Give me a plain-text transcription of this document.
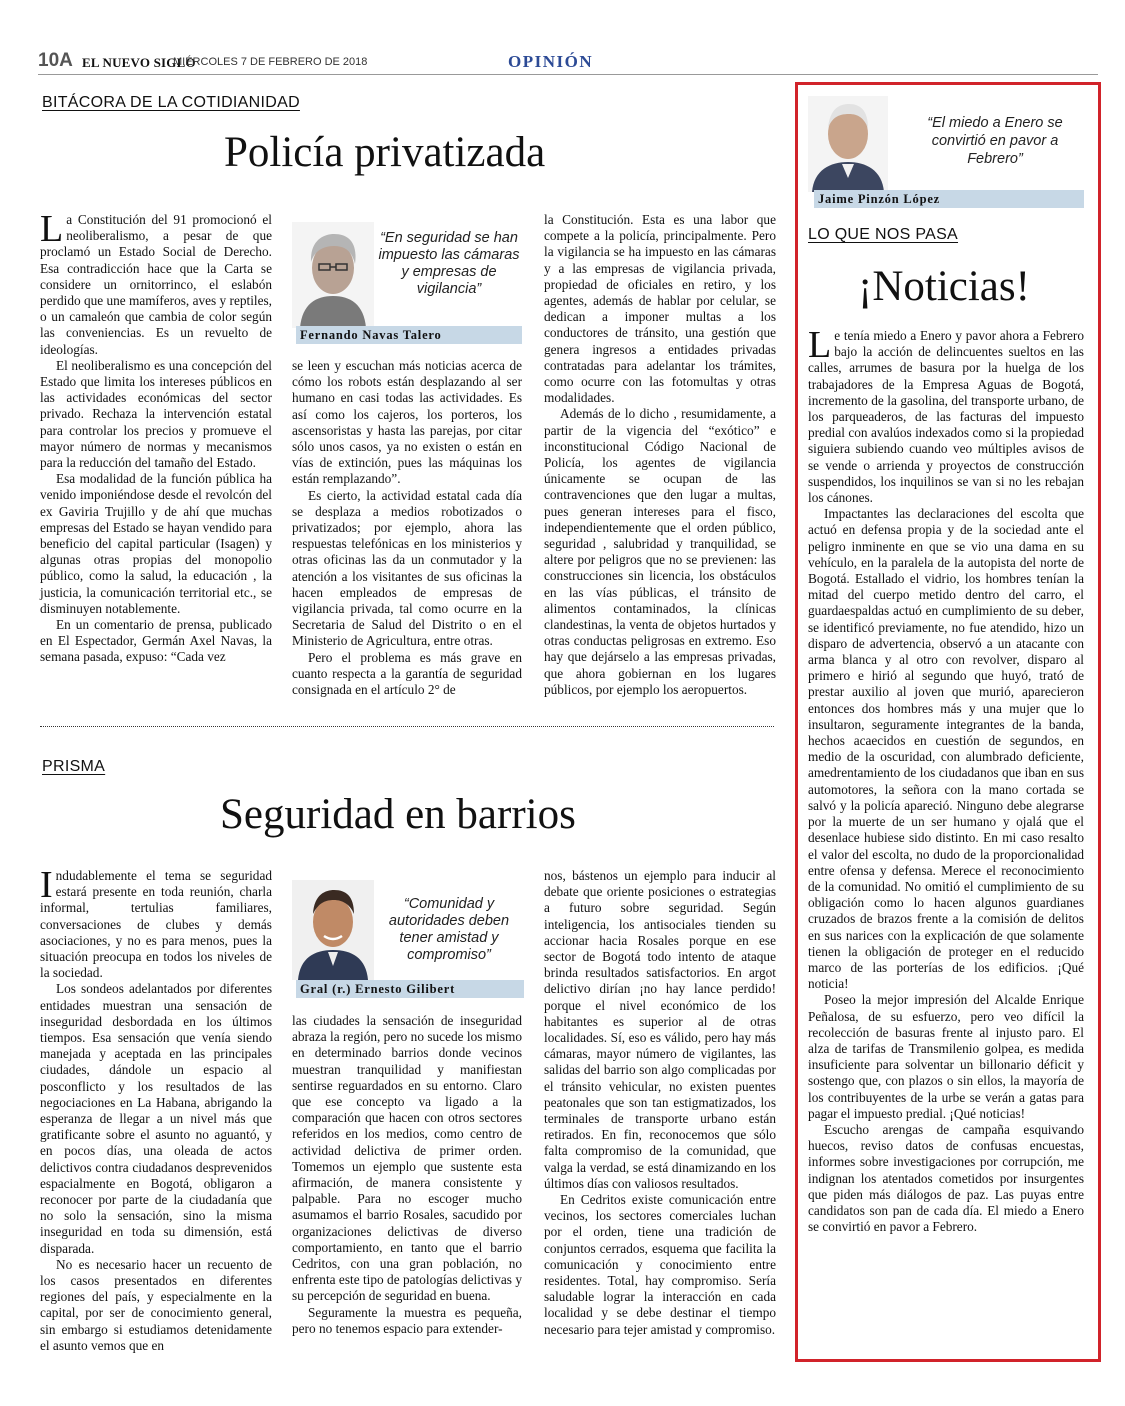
10A EL NUEVO SIGLO
MIÉRCOLES 7 DE FEBRERO DE 2018	OPINIÓN
BITÁCORA DE LA COTIDIANIDAD
Policía privatizada

La Constitución del 91 promocionó el neoliberalismo, a pesar de que proclamó un Estado Social de Derecho. Esa contradicción hace que la Carta se considere un ornitorrinco, el eslabón perdido que une mamíferos, aves y reptiles, o un camaleón que cambia de color según las conveniencias. Es un revuelto de ideologías.

El neoliberalismo es una concepción del Estado que limita los intereses públicos en las actividades económicas del sector privado. Rechaza la intervención estatal para controlar los precios y promueve el mayor número de normas y mecanismos para la reducción del tamaño del Estado.

Esa modalidad de la función pública ha venido imponiéndose desde el revolcón del ex Gaviria Trujillo y de ahí que muchas empresas del Estado se hayan vendido para beneficio del capital particular (Isagen) y algunas otras propias del monopolio público, como la salud, la educación , la justicia, la comunicación territorial etc., se disminuyen notablemente.

En un comentario de prensa, publicado en El Espectador, Germán Axel Navas, la semana pasada, expuso: “Cada vez

“En seguridad se han impuesto las cámaras y empresas de vigilancia”
Fernando Navas Talero

se leen y escuchan más noticias acerca de cómo los robots están desplazando al ser humano en casi todas las actividades. Es así como los cajeros, los porteros, los ascensoristas y hasta las parejas, por citar sólo unos casos, ya no existen o están en vías de extinción, pues las máquinas los están remplazando”.

Es cierto, la actividad estatal cada día se desplaza a medios robotizados o privatizados; por ejemplo, ahora las respuestas telefónicas en los ministerios y otras oficinas las da un conmutador y la atención a los visitantes de sus oficinas la hacen empleados de empresas de vigilancia privada, tal como ocurre en la Secretaria de Salud del Distrito o en el Ministerio de Agricultura, entre otras.

Pero el problema es más grave en cuanto respecta a la garantía de seguridad consignada en el artículo 2° de

la Constitución. Esta es una labor que compete a la policía, principalmente. Pero la vigilancia se ha impuesto en las cámaras y a las empresas de vigilancia privada, propiedad de oficiales en retiro, y los agentes, además de hablar por celular, se dedican a imponer multas a los conductores de tránsito, una gestión que genera ingresos a entidades privadas contratadas para adelantar los trámites, como ocurre con las fotomultas y otras modalidades.

Además de lo dicho , resumidamente, a partir de la vigencia del “exótico” e inconstitucional Código Nacional de Policía, los agentes de vigilancia únicamente se ocupan de las contravenciones que den lugar a multas, pues generan intereses para el fisco, independientemente que el orden público, seguridad , salubridad y tranquilidad, se altere por peligros que no se previenen: las construcciones sin licencia, los obstáculos en las vías públicas, el tránsito de alimentos contaminados, la clínicas clandestinas, la venta de objetos hurtados y otras conductas peligrosas en extremo. Eso hay que dejárselo a las empresas privadas, que ahora gobiernan en los lugares públicos, por ejemplo los aeropuertos.

PRISMA
Seguridad en barrios

Indudablemente el tema se seguridad estará presente en toda reunión, charla informal, tertulias familiares, conversaciones de clubes y demás asociaciones, y no es para menos, pues la situación preocupa en todos los niveles de la sociedad.

Los sondeos adelantados por diferentes entidades muestran una sensación de inseguridad desbordada en los últimos tiempos. Esa sensación que venía siendo manejada y aceptada en las principales ciudades, dándole un espacio al posconflicto y los resultados de las negociaciones en La Habana, abrigando la esperanza de llegar a un nivel más que gratificante sobre el asunto no aguantó, y en pocos días, una oleada de actos delictivos contra ciudadanos desprevenidos espacialmente en Bogotá, obligaron a reconocer por parte de la ciudadanía que no solo la sensación, sino la misma inseguridad en toda su dimensión, está disparada.

No es necesario hacer un recuento de los casos presentados en diferentes regiones del país, y especialmente en la capital, por ser de conocimiento general, sin embargo si estudiamos detenidamente el asunto vemos que en

“Comunidad y autoridades deben tener amistad y compromiso”
Gral (r.) Ernesto Gilibert

las ciudades la sensación de inseguridad abraza la región, pero no sucede los mismo en determinado barrios donde vecinos muestran tranquilidad y manifiestan sentirse reguardados en su entorno. Claro que ese concepto va ligado a la comparación que hacen con otros sectores referidos en los medios, como centro de actividad delictiva de primer orden. Tomemos un ejemplo que sustente esta afirmación, de manera consistente y palpable. Para no escoger mucho asumamos el barrio Rosales, sacudido por organizaciones delictivas de diverso comportamiento, en tanto que el barrio Cedritos, con una gran población, no enfrenta este tipo de patologías delictivas y su percepción de seguridad en buena.

Seguramente la muestra es pequeña, pero no tenemos espacio para extender-

nos, bástenos un ejemplo para inducir al debate que oriente posiciones o estrategias a futuro sobre seguridad. Según inteligencia, los antisociales tienden su accionar hacia Rosales porque en ese sector de Bogotá todo intento de ataque brinda resultados satisfactorios. En argot delictivo dirían ¡no hay lance perdido! porque el nivel económico de los habitantes es superior al de otras localidades. Sí, eso es válido, pero hay más cámaras, mayor número de vigilantes, las salidas del barrio son algo complicadas por el tránsito vehicular, no existen puentes peatonales que son tan estigmatizados, los terminales de transporte urbano están retirados. En fin, reconocemos que sólo falta compromiso de la comunidad, que valga la verdad, se está dinamizando en los últimos días con valiosos resultados.

En Cedritos existe comunicación entre vecinos, los sectores comerciales luchan por el orden, tiene una tradición de conjuntos cerrados, esquema que facilita la comunicación y conocimiento entre residentes. Total, hay compromiso. Sería saludable lograr la interacción en cada localidad y se debe destinar el tiempo necesario para tejer amistad y compromiso.

“El miedo a Enero se convirtió en pavor a Febrero”
Jaime Pinzón López
LO QUE NOS PASA
¡Noticias!

Le tenía miedo a Enero y pavor ahora a Febrero bajo la acción de delincuentes sueltos en las calles, arrumes de basura por la huelga de los trabajadores de la Empresa Aguas de Bogotá, incremento de la gasolina, del transporte urbano, de los parqueaderos, de las facturas del impuesto predial con avalúos indexados como si la propiedad siguiera subiendo cuando veo múltiples avisos de se vende o arrienda y proyectos de construcción suspendidos, los inquilinos se van si no les rebajan los cánones.

Impactantes las declaraciones del escolta que actuó en defensa propia y de la sociedad ante el peligro inminente en que se vio una dama en su vehículo, en la paralela de la autopista del norte de Bogotá. Estallado el vidrio, los hombres tenían la mitad del cuerpo metido dentro del carro, el guardaespaldas actuó en cumplimiento de su deber, se identificó previamente, no fue atendido, hizo un disparo de advertencia, observó a un atacante con arma blanca y al otro con revolver, disparo al primero e hirió al segundo que huyó, trató de prestar auxilio al joven que murió, aparecieron entonces dos hombres más y una mujer que lo insultaron, seguramente integrantes de la banda, hechos acaecidos en cuestión de segundos, en medio de la oscuridad, con alumbrado deficiente, amedrentamiento de los ciudadanos que iban en sus automotores, la señora con la mano cortada se salvó y la policía apareció. Ninguno debe alegrarse por la muerte de un ser humano y ojalá que el desenlace hubiese sido distinto. En mi caso resalto el valor del escolta, no dudo de la proporcionalidad entre ofensa y defensa. Merece el reconocimiento de la comunidad. No omitió el cumplimiento de su obligación como lo hacen algunos guardianes cruzados de brazos frente a la comisión de delitos en sus narices con la explicación de que solamente tienen la obligación de proteger en el reducido marco de las porterías de los edificios. ¡Qué noticia!

Poseo la mejor impresión del Alcalde Enrique Peñalosa, de su esfuerzo, pero veo difícil la recolección de basuras frente al injusto paro. El alza de tarifas de Transmilenio golpea, es medida insuficiente para solventar un billonario déficit y sostengo que, con plazos o sin ellos, la mayoría de los contribuyentes de la urbe se verán a gatas para pagar el impuesto predial. ¡Qué noticias!

Escucho arengas de campaña esquivando huecos, reviso datos de confusas encuestas, informes sobre investigaciones por corrupción, me indignan los atentados cometidos por insurgentes que piden más diálogos de paz. Las puyas entre candidatos son pan de cada día. El miedo a Enero se convirtió en pavor a Febrero.
